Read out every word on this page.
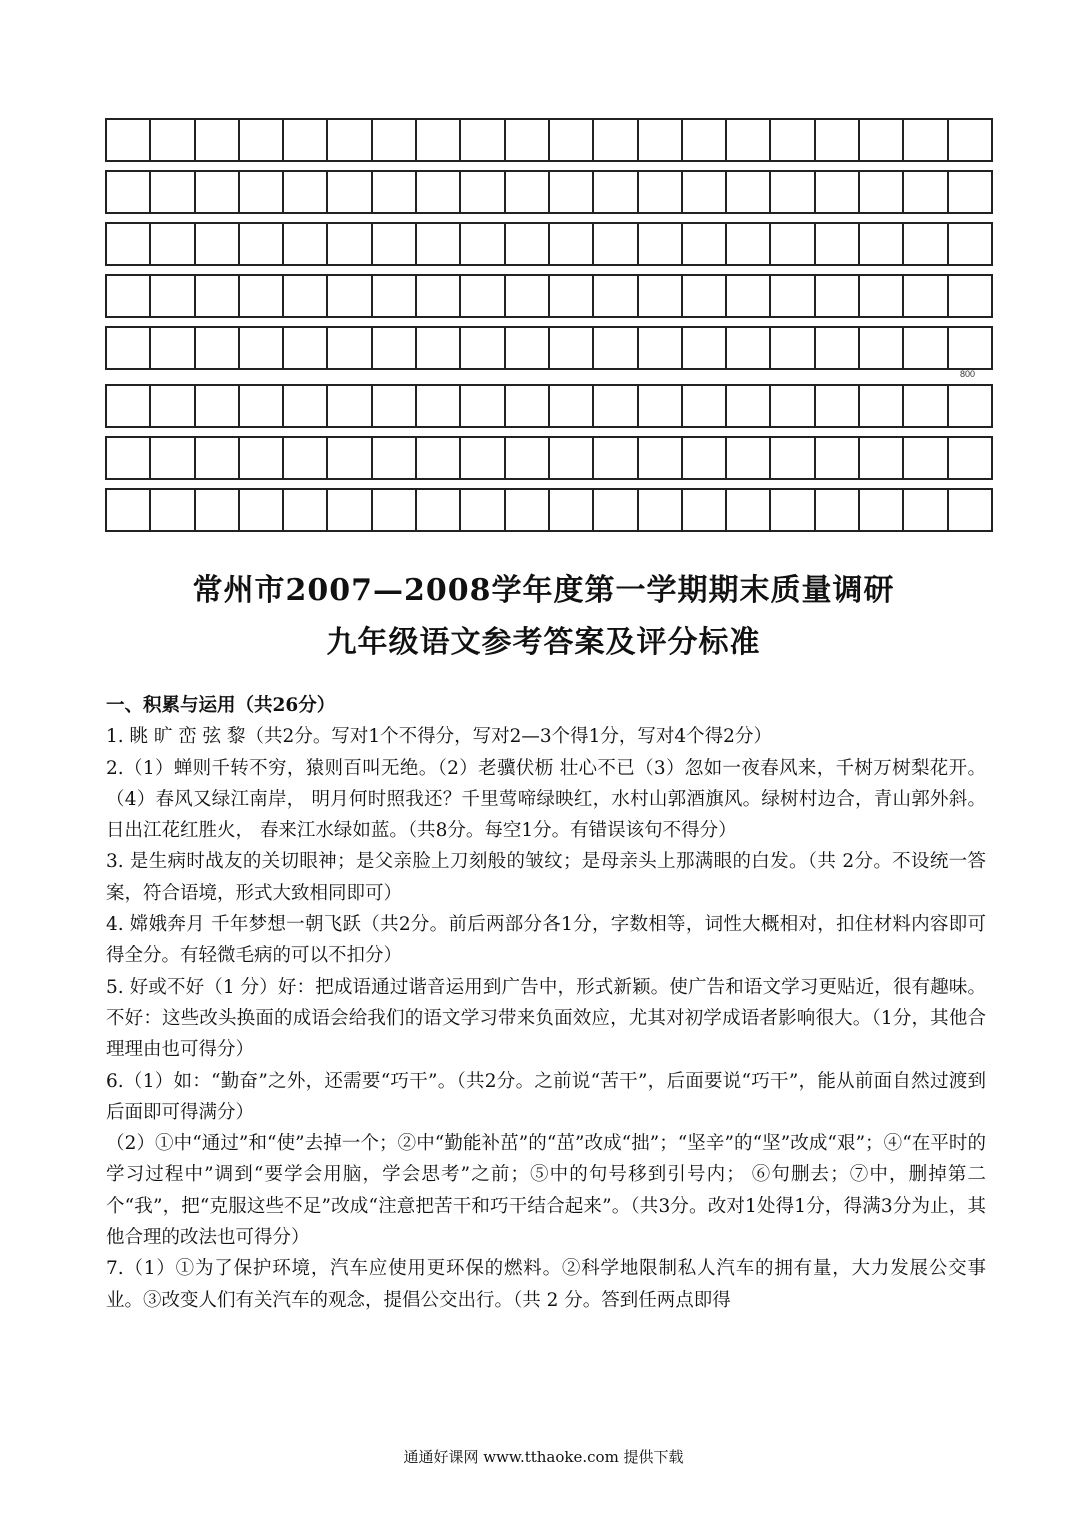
800

常州市2007—2008学年度第一学期期末质量调研

九年级语文参考答案及评分标准

一、积累与运用（共26分）

1. 眺 旷 峦 弦 黎（共2分。写对1个不得分，写对2—3个得1分，写对4个得2分）

2.（1）蝉则千转不穷，猿则百叫无绝。（2）老骥伏枥 壮心不已（3）忽如一夜春风来，千树万树梨花开。（4）春风又绿江南岸， 明月何时照我还？千里莺啼绿映红，水村山郭酒旗风。绿树村边合，青山郭外斜。日出江花红胜火， 春来江水绿如蓝。（共8分。每空1分。有错误该句不得分）

3. 是生病时战友的关切眼神；是父亲脸上刀刻般的皱纹；是母亲头上那满眼的白发。（共 2分。不设统一答案，符合语境，形式大致相同即可）

4. 嫦娥奔月 千年梦想一朝飞跃（共2分。前后两部分各1分，字数相等，词性大概相对，扣住材料内容即可得全分。有轻微毛病的可以不扣分）

5. 好或不好（1 分）好：把成语通过谐音运用到广告中，形式新颖。使广告和语文学习更贴近，很有趣味。不好：这些改头换面的成语会给我们的语文学习带来负面效应，尤其对初学成语者影响很大。（1分，其他合理理由也可得分）

6.（1）如：“勤奋”之外，还需要“巧干”。（共2分。之前说“苦干”，后面要说“巧干”，能从前面自然过渡到后面即可得满分）

（2）①中“通过”和“使”去掉一个；②中“勤能补茁”的“茁”改成“拙”；“坚辛”的“坚”改成“艰”；④“在平时的学习过程中”调到“要学会用脑，学会思考”之前；⑤中的句号移到引号内； ⑥句删去；⑦中，删掉第二个“我”，把“克服这些不足”改成“注意把苦干和巧干结合起来”。（共3分。改对1处得1分，得满3分为止，其他合理的改法也可得分）

7.（1）①为了保护环境，汽车应使用更环保的燃料。②科学地限制私人汽车的拥有量，大力发展公交事业。③改变人们有关汽车的观念，提倡公交出行。（共 2 分。答到任两点即得

通通好课网 www.tthaoke.com 提供下载
